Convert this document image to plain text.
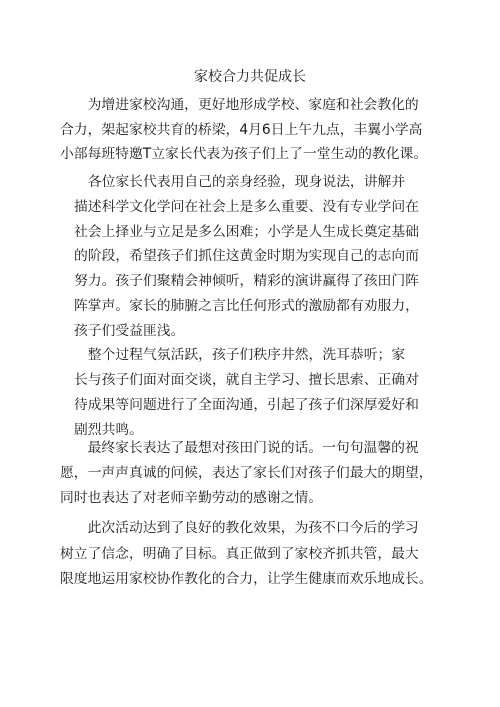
家校合力共促成长
　　为增进家校沟通，更好地形成学校、家庭和社会教化的
合力，架起家校共育的桥梁，4月6日上午九点，丰翼小学高
小部每班特邀T立家长代表为孩子们上了一堂生动的教化课。
　各位家长代表用自己的亲身经验，现身说法，讲解并
描述科学文化学问在社会上是多么重要、没有专业学问在
社会上择业与立足是多么困难；小学是人生成长奠定基础
的阶段，希望孩子们抓住这黄金时期为实现自己的志向而
努力。孩子们聚精会神倾听，精彩的演讲赢得了孩田门阵
阵掌声。家长的肺腑之言比任何形式的激励都有劝服力，
孩子们受益匪浅。
　整个过程气氛活跃，孩子们秩序井然，洗耳恭听；家
长与孩子们面对面交谈，就自主学习、擅长思索、正确对
待成果等问题进行了全面沟通，引起了孩子们深厚爱好和
剧烈共鸣。
　　最终家长表达了最想对孩田门说的话。一句句温馨的祝
愿，一声声真诚的问候，表达了家长们对孩子们最大的期望，
同时也表达了对老师辛勤劳动的感谢之情。
　　此次活动达到了良好的教化效果，为孩不口今后的学习
树立了信念，明确了目标。真正做到了家校齐抓共管，最大
限度地运用家校协作教化的合力，让学生健康而欢乐地成长。
